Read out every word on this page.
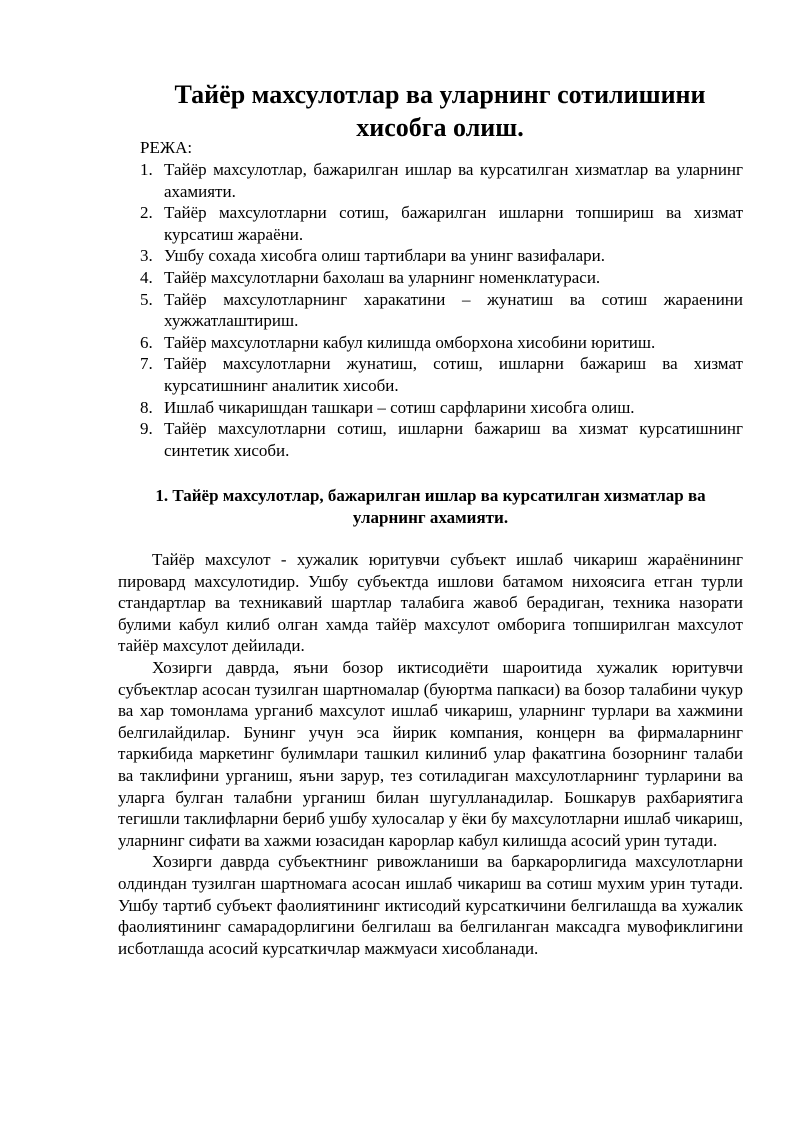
Тайёр махсулотлар ва уларнинг сотилишини хисобга олиш.

РЕЖА:

1. Тайёр махсулотлар, бажарилган ишлар ва курсатилган хизматлар ва уларнинг ахамияти.
2. Тайёр махсулотларни сотиш, бажарилган ишларни топшириш ва хизмат курсатиш жараёни.
3. Ушбу сохада хисобга олиш тартиблари ва унинг вазифалари.
4. Тайёр махсулотларни бахолаш ва уларнинг номенклатураси.
5. Тайёр махсулотларнинг харакатини – жунатиш ва сотиш жараенини хужжатлаштириш.
6. Тайёр махсулотларни кабул килишда омборхона хисобини юритиш.
7. Тайёр махсулотларни жунатиш, сотиш, ишларни бажариш ва хизмат курсатишнинг аналитик хисоби.
8. Ишлаб чикаришдан ташкари – сотиш сарфларини хисобга олиш.
9. Тайёр махсулотларни сотиш, ишларни бажариш ва хизмат курсатишнинг синтетик хисоби.
1. Тайёр махсулотлар, бажарилган ишлар ва курсатилган хизматлар ва уларнинг ахамияти.

Тайёр махсулот - хужалик юритувчи субъект ишлаб чикариш жараёнининг пировард махсулотидир. Ушбу субъектда ишлови батамом нихоясига етган турли стандартлар ва техникавий шартлар талабига жавоб берадиган, техника назорати булими кабул килиб олган хамда тайёр махсулот омборига топширилган махсулот тайёр махсулот дейилади.

Хозирги даврда, яъни бозор иктисодиёти шароитида хужалик юритувчи субъектлар асосан тузилган шартномалар (буюртма папкаси) ва бозор талабини чукур ва хар томонлама урганиб махсулот ишлаб чикариш, уларнинг турлари ва хажмини белгилайдилар. Бунинг учун эса йирик компания, концерн ва фирмаларнинг таркибида маркетинг булимлари ташкил килиниб улар факатгина бозорнинг талаби ва таклифини урганиш, яъни зарур, тез сотиладиган махсулотларнинг турларини ва уларга булган талабни урганиш билан шугулланадилар. Бошкарув рахбариятига тегишли таклифларни бериб ушбу хулосалар у ёки бу махсулотларни ишлаб чикариш, уларнинг сифати ва хажми юзасидан карорлар кабул килишда асосий урин тутади.

Хозирги даврда субъектнинг ривожланиши ва баркарорлигида махсулотларни олдиндан тузилган шартномага асосан ишлаб чикариш ва сотиш мухим урин тутади. Ушбу тартиб субъект фаолиятининг иктисодий курсаткичини белгилашда ва хужалик фаолиятининг самарадорлигини белгилаш ва белгиланган максадга мувофиклигини исботлашда асосий курсаткичлар мажмуаси хисобланади.
